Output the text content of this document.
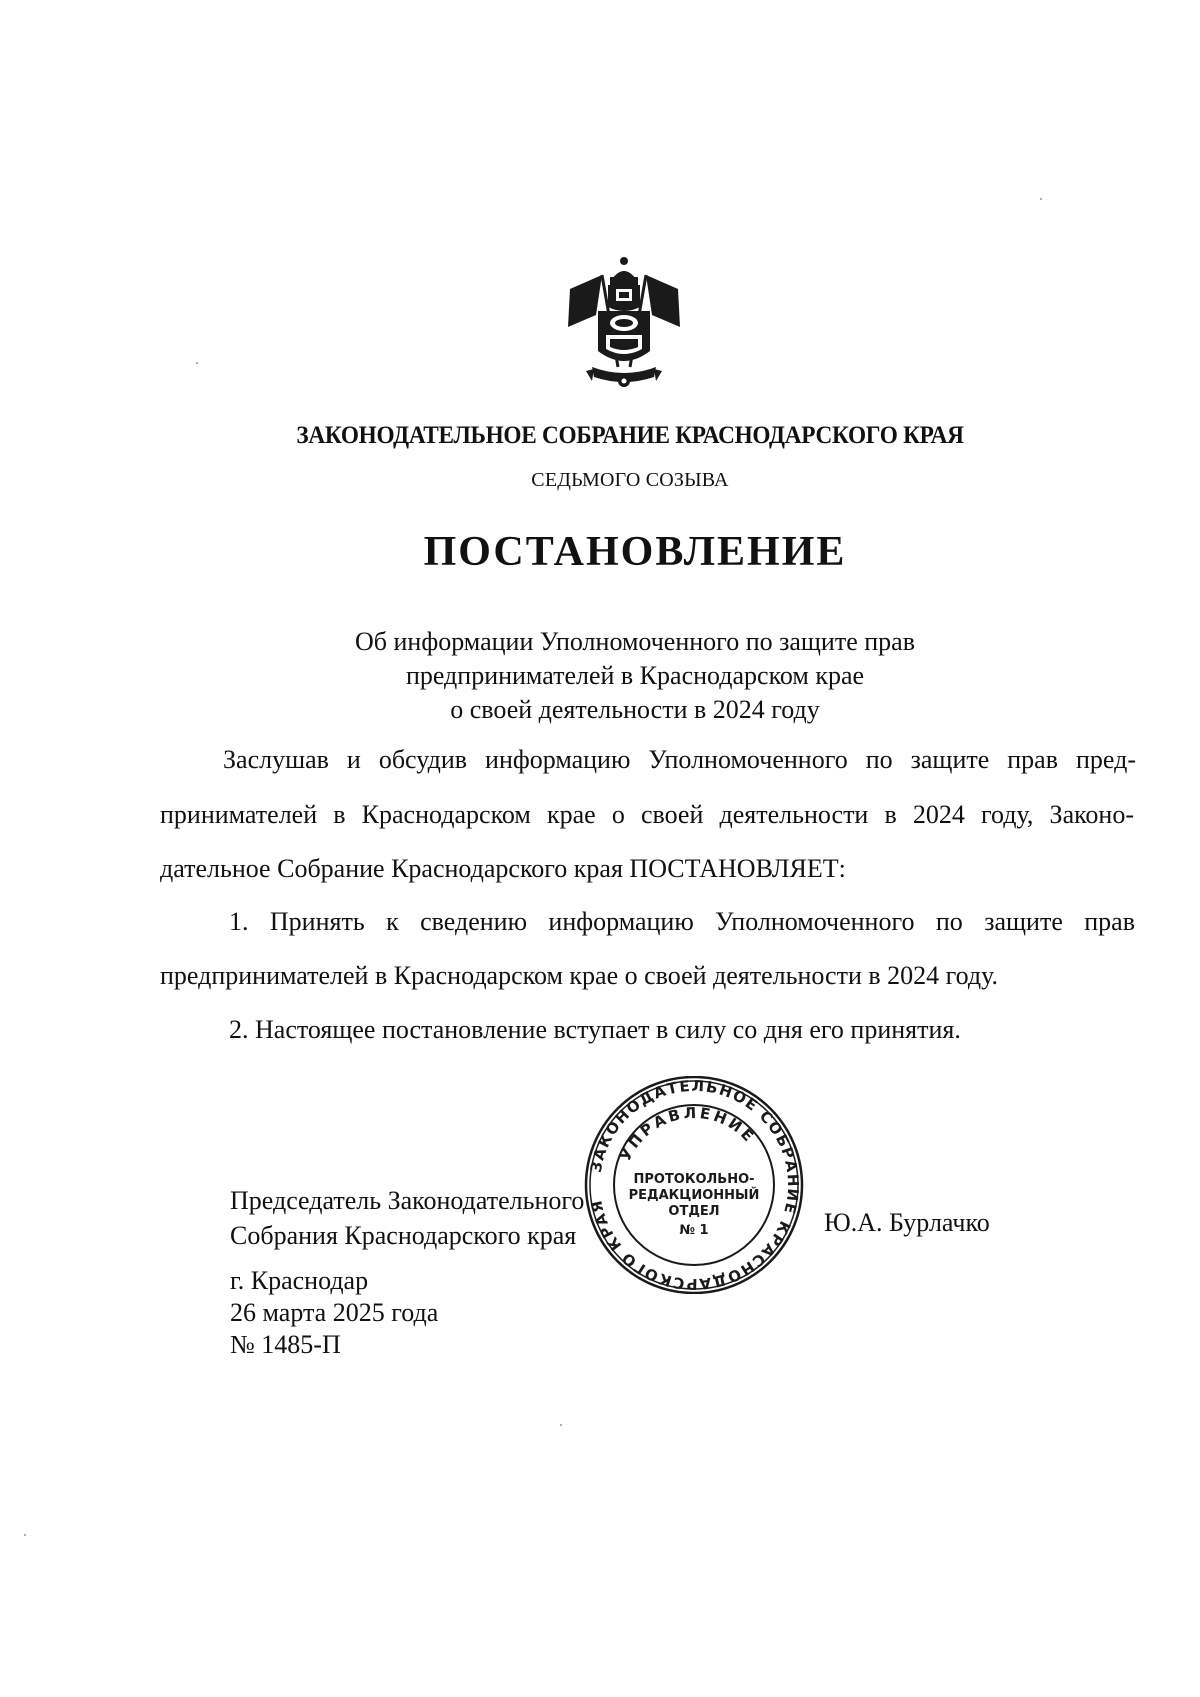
ЗАКОНОДАТЕЛЬНОЕ СОБРАНИЕ КРАСНОДАРСКОГО КРАЯ
СЕДЬМОГО СОЗЫВА
ПОСТАНОВЛЕНИЕ
Об информации Уполномоченного по защите прав
предпринимателей в Краснодарском крае
о своей деятельности в 2024 году
Заслушав и обсудив информацию Уполномоченного по защите прав пред-
принимателей в Краснодарском крае о своей деятельности в 2024 году, Законо-
дательное Собрание Краснодарского края ПОСТАНОВЛЯЕТ:
1. Принять к сведению информацию Уполномоченного по защите прав
предпринимателей в Краснодарском крае о своей деятельности в 2024 году.
2. Настоящее постановление вступает в силу со дня его принятия.
Председатель Законодательного
Собрания Краснодарского края	Ю.А. Бурлачко
ЗАКОНОДАТЕЛЬНОЕ СОБРАНИЕ КРАСНОДАРСКОГО КРАЯ
УПРАВЛЕНИЕ
ПРОТОКОЛЬНО-
РЕДАКЦИОННЫЙ
ОТДЕЛ
№ 1
г. Краснодар
26 марта 2025 года
№ 1485-П
